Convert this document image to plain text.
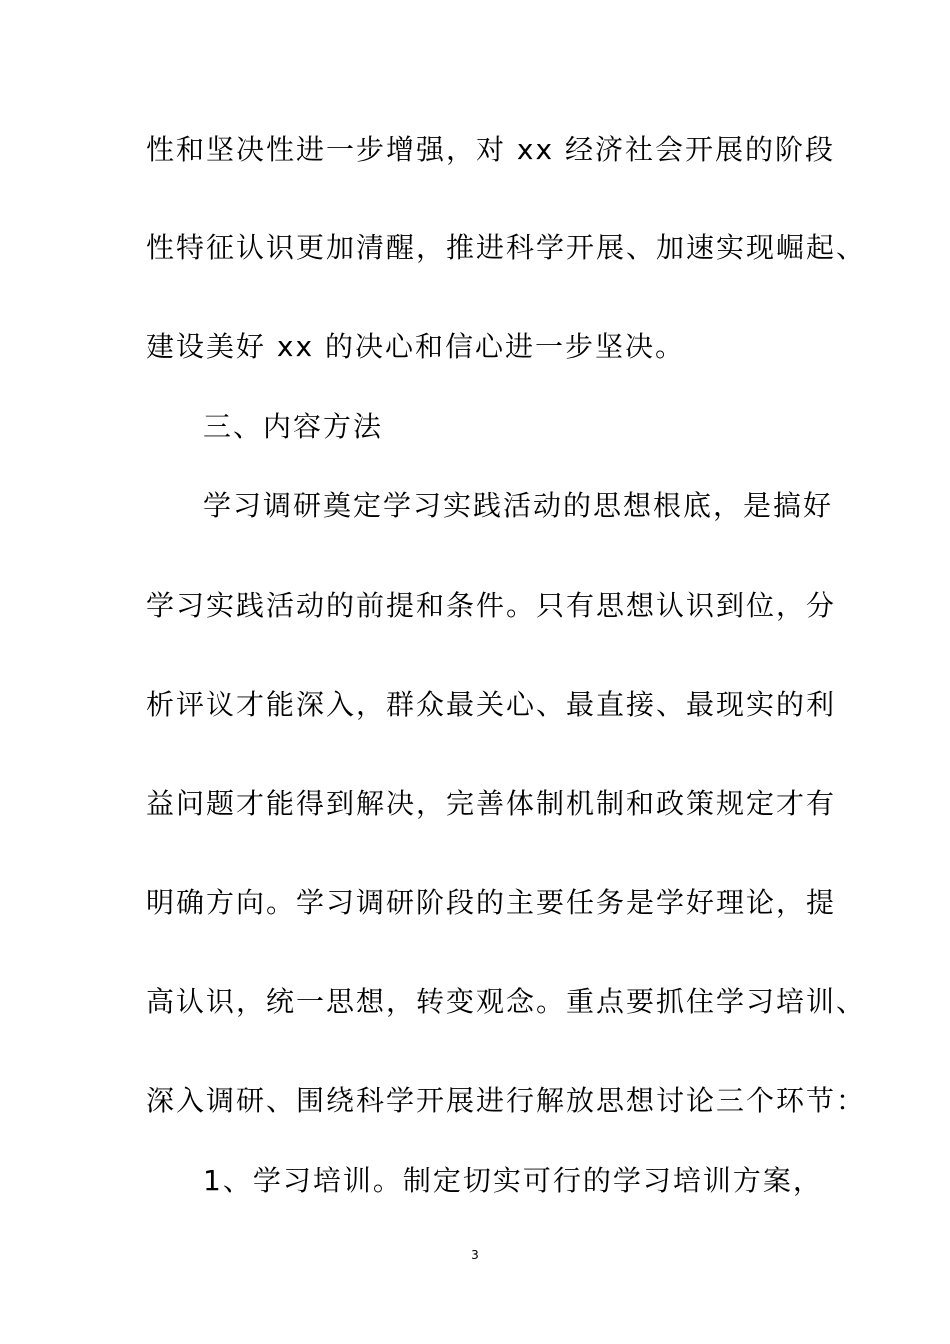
性和坚决性进一步增强，对 xx 经济社会开展的阶段
性特征认识更加清醒，推进科学开展、加速实现崛起、
建设美好 xx 的决心和信心进一步坚决。
三、内容方法
学习调研奠定学习实践活动的思想根底，是搞好
学习实践活动的前提和条件。只有思想认识到位，分
析评议才能深入，群众最关心、最直接、最现实的利
益问题才能得到解决，完善体制机制和政策规定才有
明确方向。学习调研阶段的主要任务是学好理论，提
高认识，统一思想，转变观念。重点要抓住学习培训、
深入调研、围绕科学开展进行解放思想讨论三个环节：
1、学习培训。制定切实可行的学习培训方案，
3
